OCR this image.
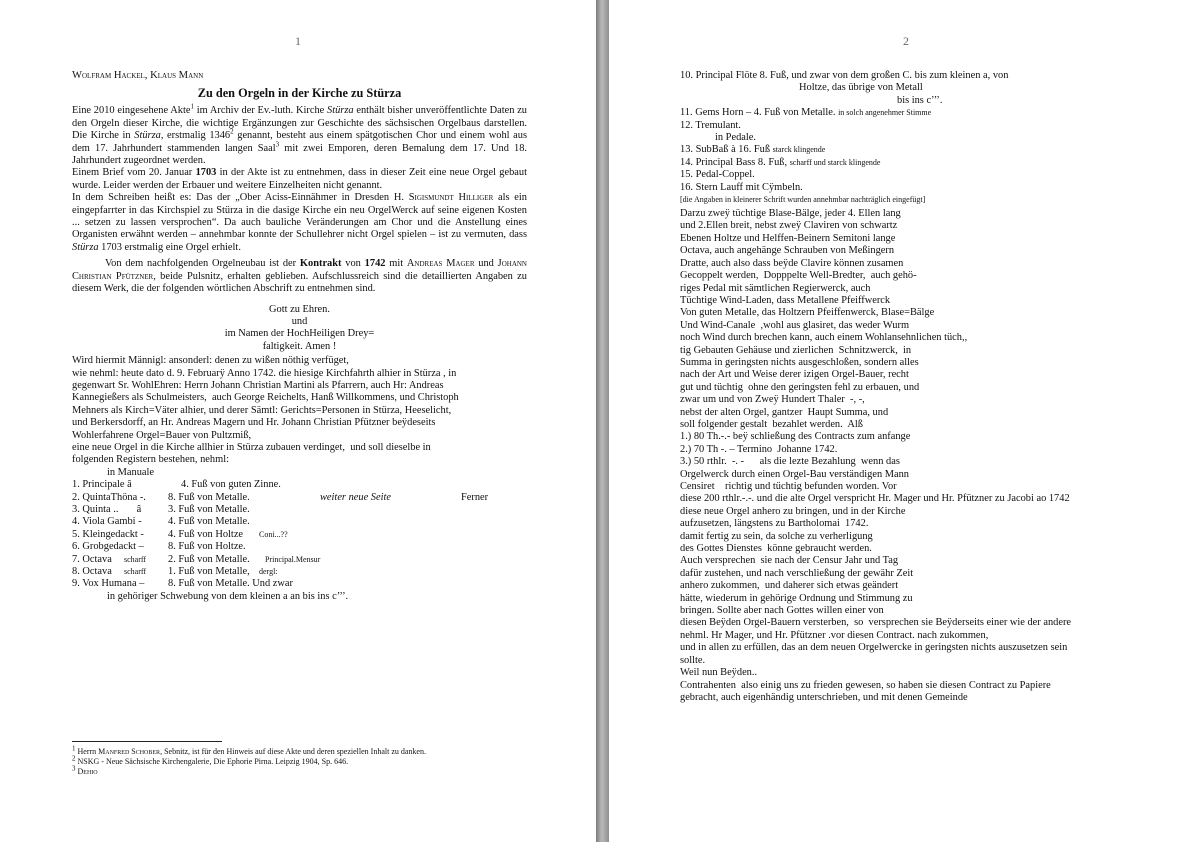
1
Wolfram Hackel, Klaus Mann
Zu den Orgeln in der Kirche zu Stürza

Eine 2010 eingesehene Akte$^1$ im Archiv der Ev.-luth. Kirche Stürza enthält bisher unveröffentlichte Daten zu den Orgeln dieser Kirche, die wichtige Ergänzungen zur Geschichte des sächsischen Orgelbaus darstellen. Die Kirche in Stürza, erstmalig 1346$^2$ genannt, besteht aus einem spätgotischen Chor und einem wohl aus dem 17. Jahrhundert stammenden langen Saal$^3$ mit zwei Emporen, deren Bemalung dem 17. Und 18. Jahrhundert zugeordnet werden.

Einem Brief vom 20. Januar 1703 in der Akte ist zu entnehmen, dass in dieser Zeit eine neue Orgel gebaut wurde. Leider werden der Erbauer und weitere Einzelheiten nicht genannt.

In dem Schreiben heißt es: Das der „Ober Aciss-Einnähmer in Dresden H. Sigismundt Hilliger als ein eingepfarrter in das Kirchspiel zu Stürza in die dasige Kirche ein neu OrgelWerck auf seine eigenen Kosten ... setzen zu lassen versprochen“. Da auch bauliche Veränderungen am Chor und die Anstellung eines Organisten erwähnt werden – annehmbar konnte der Schullehrer nicht Orgel spielen – ist zu vermuten, dass Stürza 1703 erstmalig eine Orgel erhielt.

Von dem nachfolgenden Orgelneubau ist der Kontrakt von 1742 mit Andreas Mager und Johann Christian Pfützner, beide Pulsnitz, erhalten geblieben. Aufschlussreich sind die detaillierten Angaben zu diesem Werk, die der folgenden wörtlichen Abschrift zu entnehmen sind.

Gott zu Ehren.

und

im Namen der HochHeiligen Drey=

faltigkeit. Amen !

Wird hiermit Männigl: ansonderl: denen zu wißen nöthig verfüget,

wie nehml: heute dato d. 9. Februarÿ Anno 1742. die hiesige Kirchfahrth alhier in Stürza , in

gegenwart Sr. WohlEhren: Herrn Johann Christian Martini als Pfarrern, auch Hr: Andreas

Kannegießers als Schulmeisters,  auch George Reichelts, Hanß Willkommens, und Christoph

Mehners als Kirch=Väter alhier, und derer Sämtl: Gerichts=Personen in Stürza, Heeselicht,

und Berkersdorff, an Hr. Andreas Magern und Hr. Johann Christian Pfützner beÿdeseits

Wohlerfahrene Orgel=Bauer von Pultzmiß,

eine neue Orgel in die Kirche allhier in Stürza zubauen verdinget,  und soll dieselbe in

folgenden Registern bestehen, nehml:

in Manuale

1. Principale â	4. Fuß von guten Zinne.
2. QuintaThöna -. 8. Fuß von Metalle.	weiter neue Seite	Ferner
3. Quinta ..       â	3. Fuß von Metalle.
4. Viola Gambi -	4. Fuß von Metalle.
5. Kleingedackt - 4. Fuß von Holtze Coni...??
6. Grobgedackt – 8. Fuß von Holtze.
7. Octava scharff 2. Fuß von Metalle. Principal.Mensur
8. Octava scharff 1. Fuß von Metalle, dergl:
9. Vox Humana – 8. Fuß von Metalle. Und zwar

in gehöriger Schwebung von dem kleinen a an bis ins c’’’.

$^1$ Herrn Manfred Schober, Sebnitz, ist für den Hinweis auf diese Akte und deren speziellen Inhalt zu danken.
$^2$ NSKG - Neue Sächsische Kirchengalerie, Die Ephorie Pirna. Leipzig 1904, Sp. 646.
$^3$ Dehio
2

10. Principal Flöte 8. Fuß, und zwar von dem großen C. bis zum kleinen a, von

Holtze, das übrige von Metall

bis ins c’’’.

11. Gems Horn – 4. Fuß von Metalle. in solch angenehmer Stimme

12. Tremulant.

in Pedale.

13. SubBaß à 16. Fuß starck klingende

14. Principal Bass 8. Fuß, scharff und starck klingende

15. Pedal-Coppel.

16. Stern Lauff mit Cÿmbeln.

[die Angaben in kleinerer Schrift wurden annehmbar nachträglich eingefügt]

Darzu zweÿ tüchtige Blase-Bälge, jeder 4. Ellen lang

und 2.Ellen breit, nebst zweÿ Claviren von schwartz

Ebenen Holtze und Helffen-Beinern Semitoni lange

Octava, auch angehänge Schrauben von Meßingern

Dratte, auch also dass beÿde Clavire können zusamen

Gecoppelt werden,  Dopppelte Well-Bredter,  auch gehö-

riges Pedal mit sämtlichen Regierwerck, auch

Tüchtige Wind-Laden, dass Metallene Pfeiffwerck

Von guten Metalle, das Holtzern Pfeiffenwerck, Blase=Bälge

Und Wind-Canale  ,wohl aus glasiret, das weder Wurm

noch Wind durch brechen kann, auch einem Wohlansehnlichen tüch,,

tig Gebauten Gehäuse und zierlichen  Schnitzwerck,  in

Summa in geringsten nichts ausgeschloßen, sondern alles

nach der Art und Weise derer izigen Orgel-Bauer, recht

gut und tüchtig  ohne den geringsten fehl zu erbauen, und

zwar um und von Zweÿ Hundert Thaler  -, -,

nebst der alten Orgel, gantzer  Haupt Summa, und

soll folgender gestalt  bezahlet werden.  Alß

1.) 80 Th.-.- beÿ schließung des Contracts zum anfange

2.) 70 Th -. – Termino  Johanne 1742.

3.) 50 rthlr.  -. -      als die lezte Bezahlung  wenn das

Orgelwerck durch einen Orgel-Bau verständigen Mann

Censiret    richtig und tüchtig befunden worden. Vor

diese 200 rthlr.-.-. und die alte Orgel verspricht Hr. Mager und Hr. Pfützner zu Jacobi ao 1742

diese neue Orgel anhero zu bringen, und in der Kirche

aufzusetzen, längstens zu Bartholomai  1742.

damit fertig zu sein, da solche zu verherligung

des Gottes Dienstes  könne gebraucht werden.

Auch versprechen  sie nach der Censur Jahr und Tag

dafür zustehen, und nach verschließung der gewähr Zeit

anhero zukommen,  und daherer sich etwas geändert

hätte, wiederum in gehörige Ordnung und Stimmung zu

bringen. Sollte aber nach Gottes willen einer von

diesen Beÿden Orgel-Bauern versterben,  so  versprechen sie Beÿderseits einer wie der andere

nehml. Hr Mager, und Hr. Pfützner .vor diesen Contract. nach zukommen,

und in allen zu erfüllen, das an dem neuen Orgelwercke in geringsten nichts auszusetzen sein

sollte.

Weil nun Beÿden..

Contrahenten  also einig uns zu frieden gewesen, so haben sie diesen Contract zu Papiere

gebracht, auch eigenhändig unterschrieben, und mit denen Gemeinde
